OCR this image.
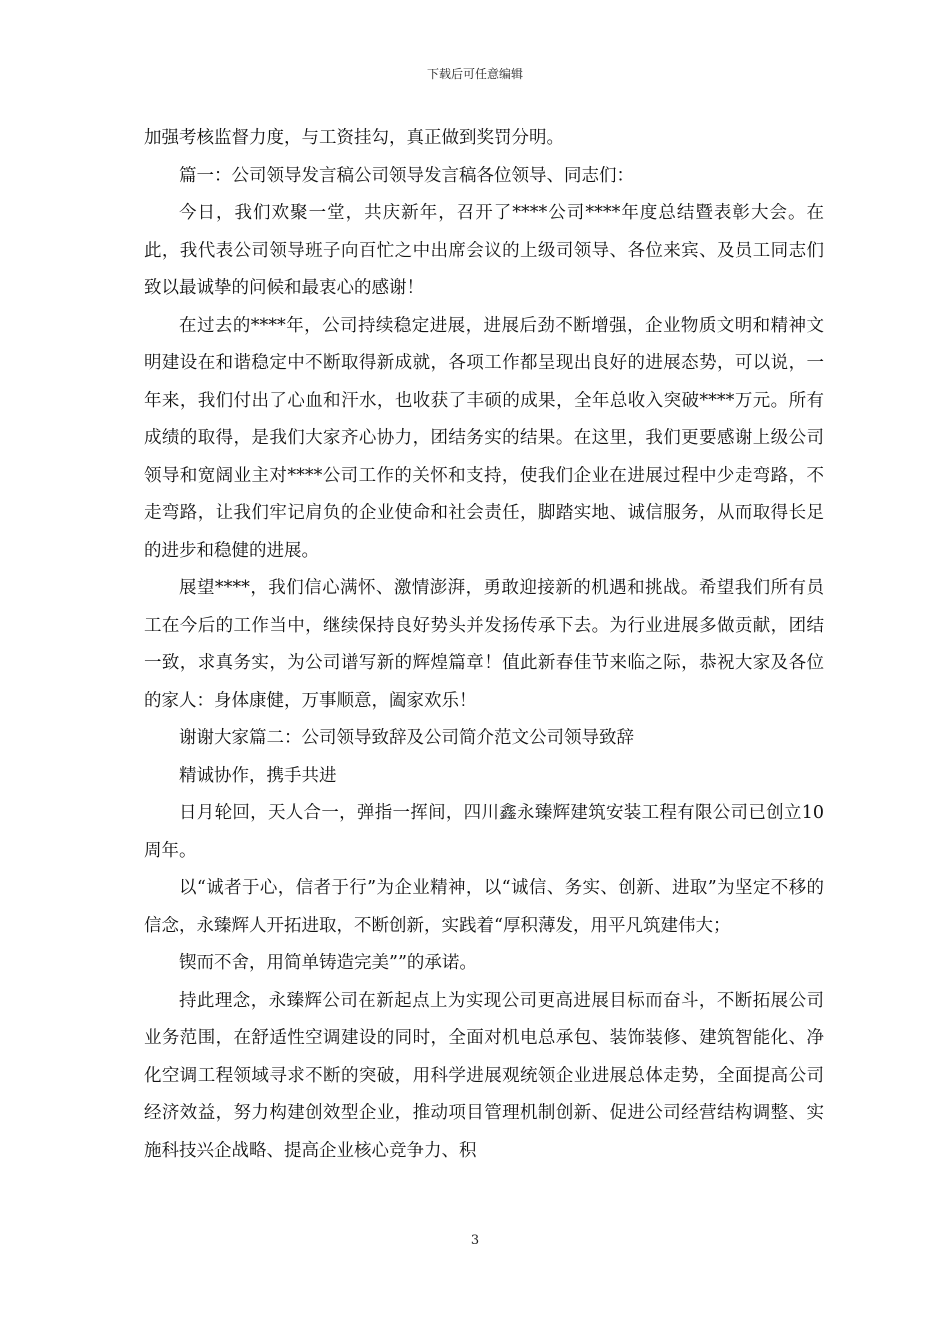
下载后可任意编辑

加强考核监督力度，与工资挂勾，真正做到奖罚分明。

篇一：公司领导发言稿公司领导发言稿各位领导、同志们：

今日，我们欢聚一堂，共庆新年，召开了****公司****年度总结暨表彰大会。在此，我代表公司领导班子向百忙之中出席会议的上级司领导、各位来宾、及员工同志们致以最诚挚的问候和最衷心的感谢！

在过去的****年，公司持续稳定进展，进展后劲不断增强，企业物质文明和精神文明建设在和谐稳定中不断取得新成就，各项工作都呈现出良好的进展态势，可以说，一年来，我们付出了心血和汗水，也收获了丰硕的成果，全年总收入突破****万元。所有成绩的取得，是我们大家齐心协力，团结务实的结果。在这里，我们更要感谢上级公司领导和宽阔业主对****公司工作的关怀和支持，使我们企业在进展过程中少走弯路，不走弯路，让我们牢记肩负的企业使命和社会责任，脚踏实地、诚信服务，从而取得长足的进步和稳健的进展。

展望****，我们信心满怀、激情澎湃，勇敢迎接新的机遇和挑战。希望我们所有员工在今后的工作当中，继续保持良好势头并发扬传承下去。为行业进展多做贡献，团结一致，求真务实，为公司谱写新的辉煌篇章！值此新春佳节来临之际，恭祝大家及各位的家人：身体康健，万事顺意，阖家欢乐！

谢谢大家篇二：公司领导致辞及公司简介范文公司领导致辞

精诚协作，携手共进

日月轮回，天人合一，弹指一挥间，四川鑫永臻辉建筑安装工程有限公司已创立10周年。

以“诚者于心，信者于行”为企业精神，以“诚信、务实、创新、进取”为坚定不移的信念，永臻辉人开拓进取，不断创新，实践着“厚积薄发，用平凡筑建伟大；

锲而不舍，用简单铸造完美””的承诺。

持此理念，永臻辉公司在新起点上为实现公司更高进展目标而奋斗，不断拓展公司业务范围，在舒适性空调建设的同时，全面对机电总承包、装饰装修、建筑智能化、净化空调工程领域寻求不断的突破，用科学进展观统领企业进展总体走势，全面提高公司经济效益，努力构建创效型企业，推动项目管理机制创新、促进公司经营结构调整、实施科技兴企战略、提高企业核心竞争力、积

3
